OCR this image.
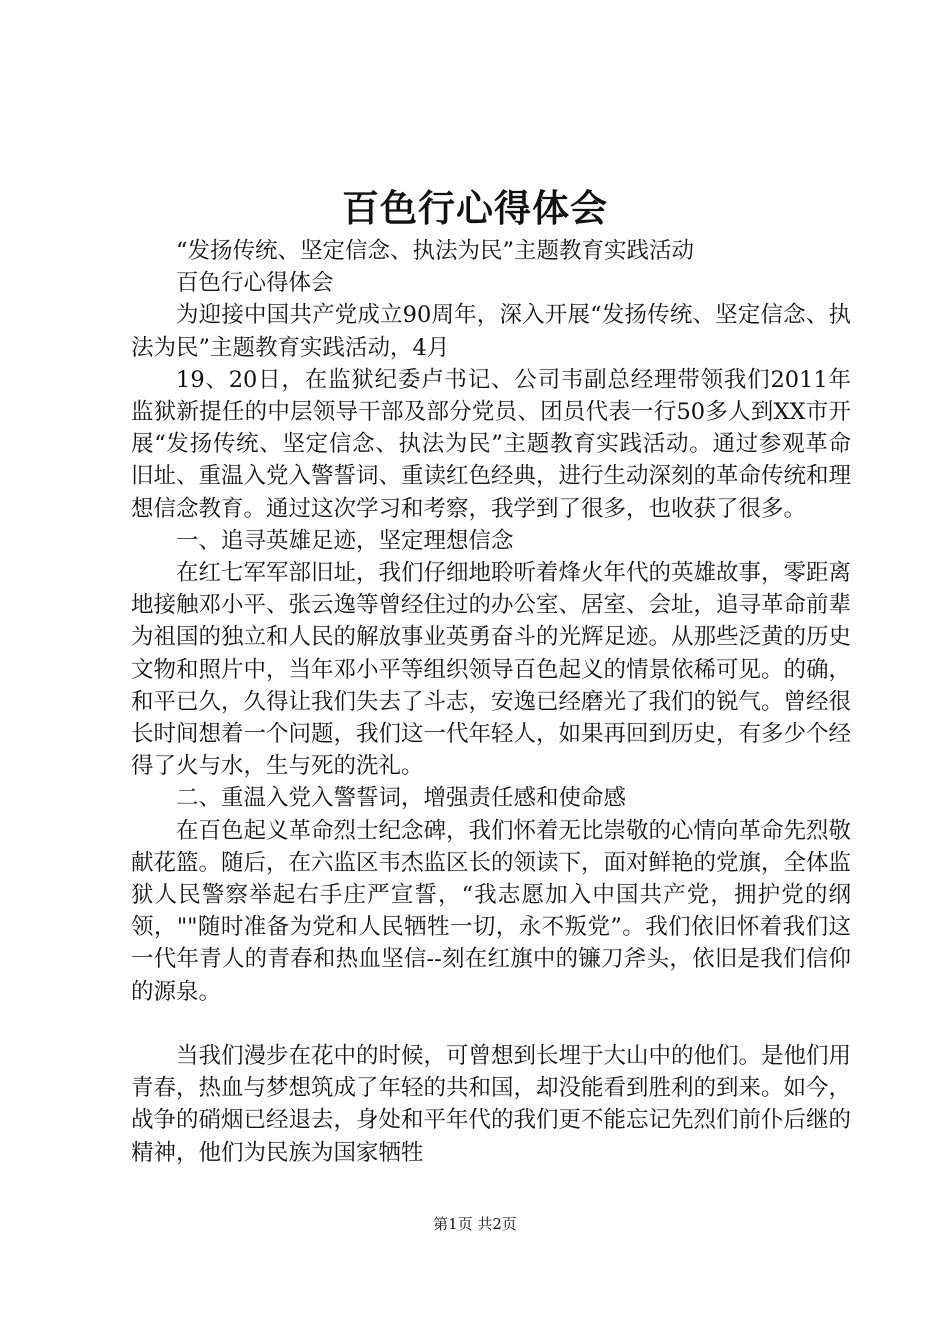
百色行心得体会

“发扬传统、坚定信念、执法为民”主题教育实践活动

百色行心得体会

为迎接中国共产党成立90周年，深入开展“发扬传统、坚定信念、执法为民”主题教育实践活动，4月

19、20日，在监狱纪委卢书记、公司韦副总经理带领我们2011年监狱新提任的中层领导干部及部分党员、团员代表一行50多人到XX市开展“发扬传统、坚定信念、执法为民”主题教育实践活动。通过参观革命旧址、重温入党入警誓词、重读红色经典，进行生动深刻的革命传统和理想信念教育。通过这次学习和考察，我学到了很多，也收获了很多。

一、追寻英雄足迹，坚定理想信念

在红七军军部旧址，我们仔细地聆听着烽火年代的英雄故事，零距离地接触邓小平、张云逸等曾经住过的办公室、居室、会址，追寻革命前辈为祖国的独立和人民的解放事业英勇奋斗的光辉足迹。从那些泛黄的历史文物和照片中，当年邓小平等组织领导百色起义的情景依稀可见。的确，和平已久，久得让我们失去了斗志，安逸已经磨光了我们的锐气。曾经很长时间想着一个问题，我们这一代年轻人，如果再回到历史，有多少个经得了火与水，生与死的洗礼。

二、重温入党入警誓词，增强责任感和使命感

在百色起义革命烈士纪念碑，我们怀着无比崇敬的心情向革命先烈敬献花篮。随后，在六监区韦杰监区长的领读下，面对鲜艳的党旗，全体监狱人民警察举起右手庄严宣誓，“我志愿加入中国共产党，拥护党的纲领，""随时准备为党和人民牺牲一切，永不叛党”。我们依旧怀着我们这一代年青人的青春和热血坚信--刻在红旗中的镰刀斧头，依旧是我们信仰的源泉。

当我们漫步在花中的时候，可曾想到长埋于大山中的他们。是他们用青春，热血与梦想筑成了年轻的共和国，却没能看到胜利的到来。如今，战争的硝烟已经退去，身处和平年代的我们更不能忘记先烈们前仆后继的精神，他们为民族为国家牺牲

第1页 共2页
